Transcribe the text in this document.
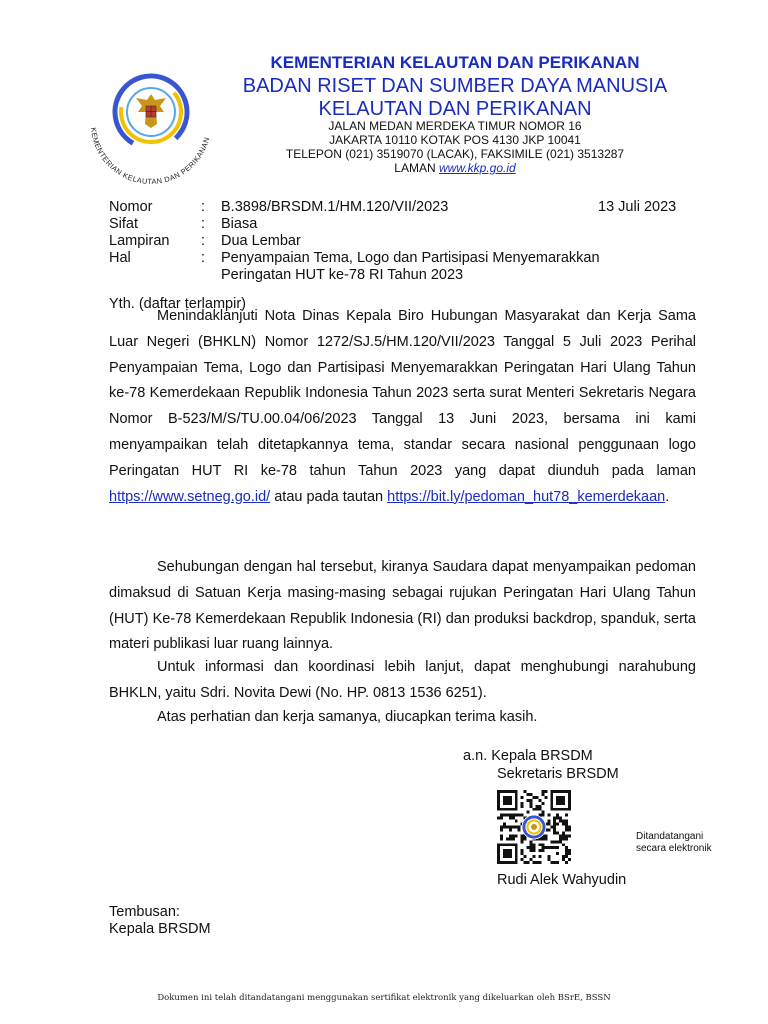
KEMENTERIAN KELAUTAN DAN PERIKANAN
KEMENTERIAN KELAUTAN DAN PERIKANAN
BADAN RISET DAN SUMBER DAYA MANUSIA
KELAUTAN DAN PERIKANAN
JALAN MEDAN MERDEKA TIMUR NOMOR 16
JAKARTA 10110 KOTAK POS 4130 JKP 10041
TELEPON (021) 3519070 (LACAK), FAKSIMILE (021) 3513287
LAMAN www.kkp.go.id
Nomor	:	B.3898/BRSDM.1/HM.120/VII/2023
Sifat	:	Biasa
Lampiran	:	Dua Lembar
Hal	:	Penyampaian Tema, Logo dan Partisipasi Menyemarakkan
Peringatan HUT ke-78 RI Tahun 2023
13 Juli 2023
Yth. (daftar terlampir)
Menindaklanjuti Nota Dinas Kepala Biro Hubungan Masyarakat dan Kerja Sama Luar Negeri (BHKLN) Nomor 1272/SJ.5/HM.120/VII/2023 Tanggal 5 Juli 2023 Perihal Penyampaian Tema, Logo dan Partisipasi Menyemarakkan Peringatan Hari Ulang Tahun ke-78 Kemerdekaan Republik Indonesia Tahun 2023 serta surat Menteri Sekretaris Negara Nomor B-523/M/S/TU.00.04/06/2023 Tanggal 13 Juni 2023, bersama ini kami menyampaikan telah ditetapkannya tema, standar secara nasional penggunaan logo Peringatan HUT RI ke-78 tahun Tahun 2023 yang dapat diunduh pada laman https://www.setneg.go.id/ atau pada tautan https://bit.ly/pedoman_hut78_kemerdekaan.
Sehubungan dengan hal tersebut, kiranya Saudara dapat menyampaikan pedoman dimaksud di Satuan Kerja masing-masing sebagai rujukan Peringatan Hari Ulang Tahun (HUT) Ke-78 Kemerdekaan Republik Indonesia (RI) dan produksi backdrop, spanduk, serta materi publikasi luar ruang lainnya.
Untuk informasi dan koordinasi lebih lanjut, dapat menghubungi narahubung BHKLN, yaitu Sdri. Novita Dewi (No. HP. 0813 1536 6251).
Atas perhatian dan kerja samanya, diucapkan terima kasih.
a.n. Kepala BRSDM
Sekretaris BRSDM
Ditandatangani
secara elektronik
Rudi Alek Wahyudin
Tembusan:
Kepala BRSDM
Dokumen ini telah ditandatangani menggunakan sertifikat elektronik yang dikeluarkan oleh BSrE, BSSN
